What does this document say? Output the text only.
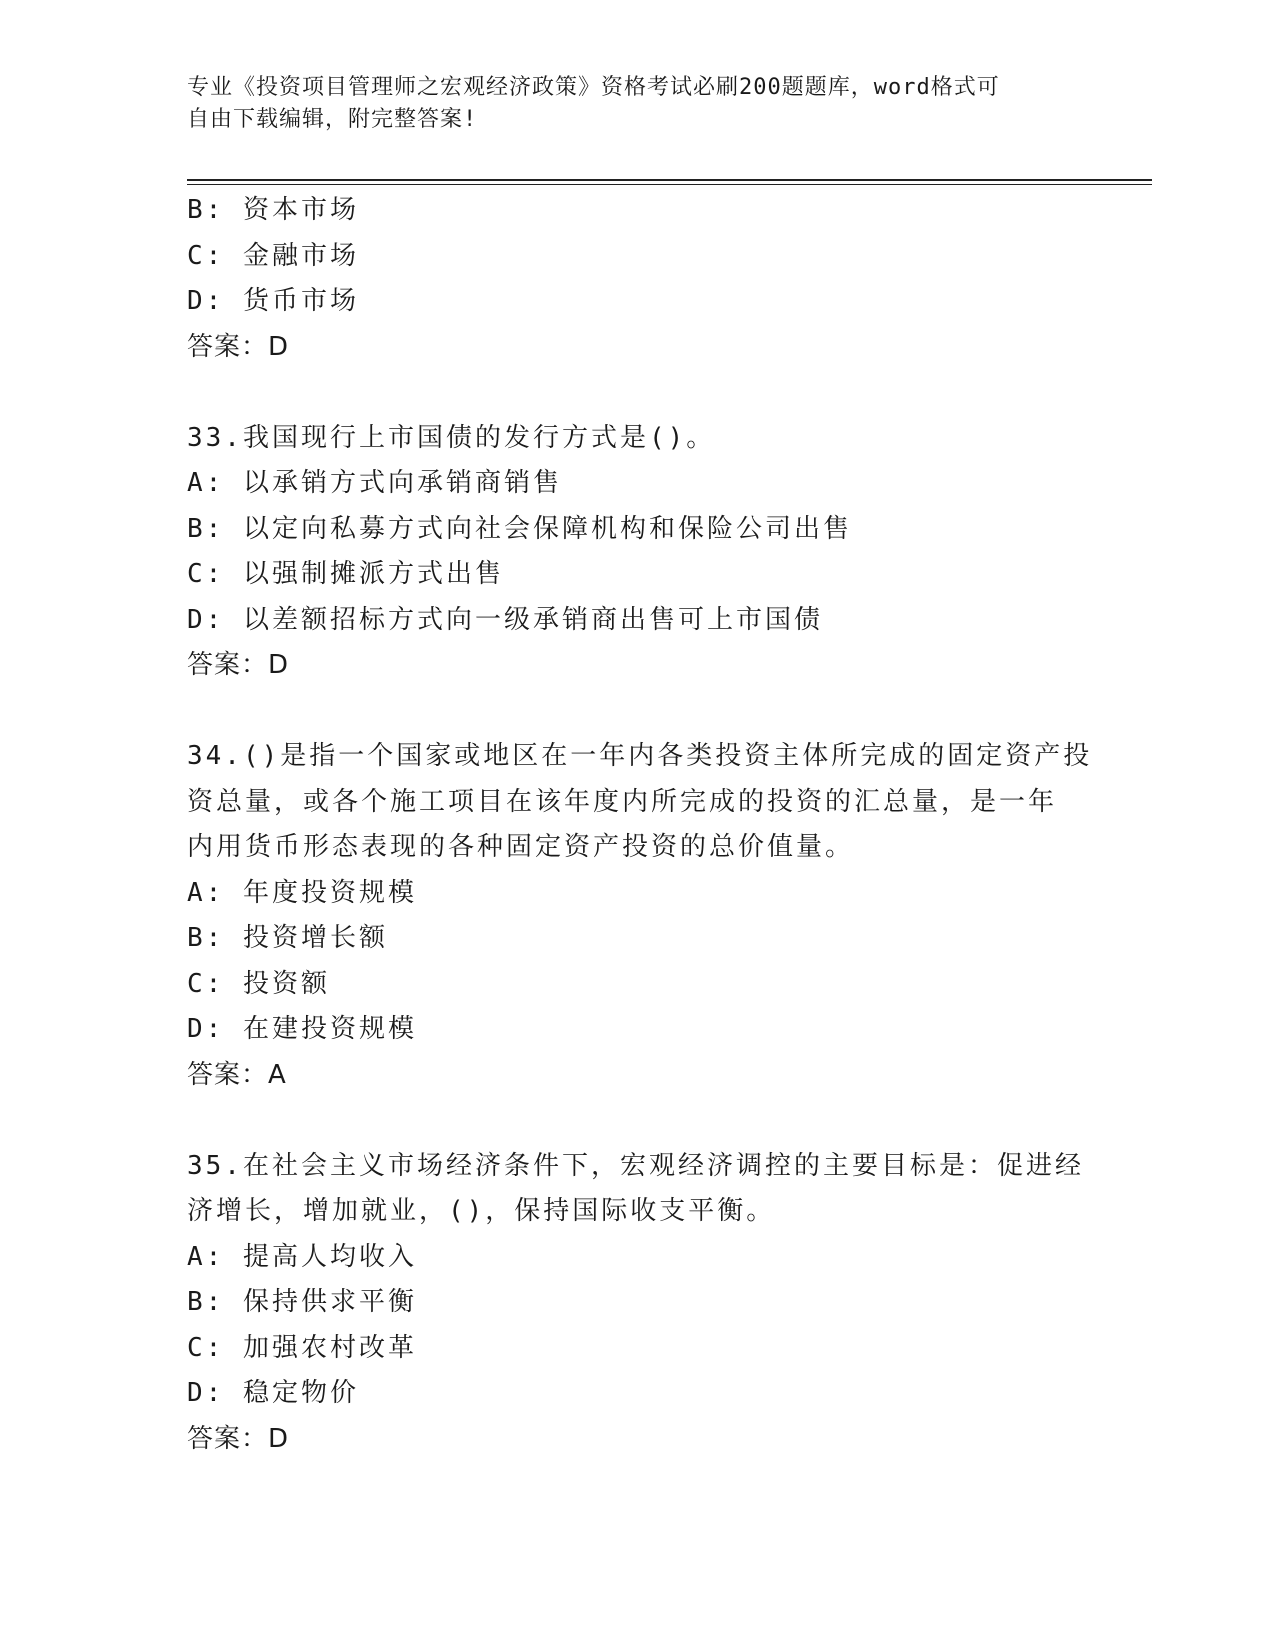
专业《投资项目管理师之宏观经济政策》资格考试必刷200题题库，word格式可
自由下载编辑，附完整答案!
B: 资本市场
C: 金融市场
D: 货币市场
答案：D
33.我国现行上市国债的发行方式是()。
A: 以承销方式向承销商销售
B: 以定向私募方式向社会保障机构和保险公司出售
C: 以强制摊派方式出售
D: 以差额招标方式向一级承销商出售可上市国债
答案：D
34.()是指一个国家或地区在一年内各类投资主体所完成的固定资产投
资总量，或各个施工项目在该年度内所完成的投资的汇总量，是一年
内用货币形态表现的各种固定资产投资的总价值量。
A: 年度投资规模
B: 投资增长额
C: 投资额
D: 在建投资规模
答案：A
35.在社会主义市场经济条件下，宏观经济调控的主要目标是：促进经
济增长，增加就业，()，保持国际收支平衡。
A: 提高人均收入
B: 保持供求平衡
C: 加强农村改革
D: 稳定物价
答案：D
